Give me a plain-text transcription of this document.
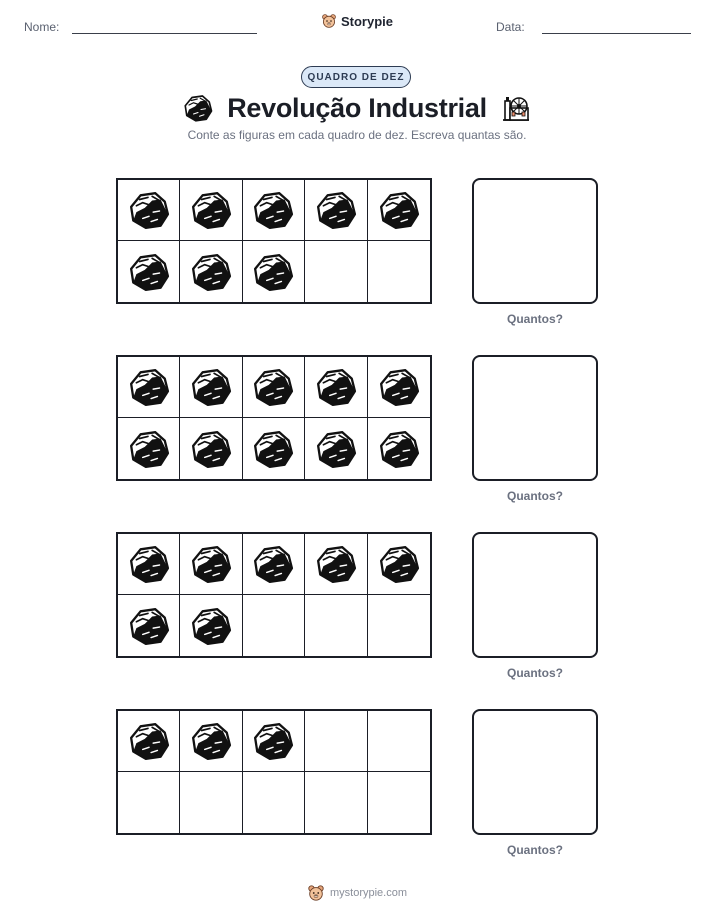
Nome:	Storypie	Data:
QUADRO DE DEZ
Revolução Industrial
Conte as figuras em cada quadro de dez. Escreva quantas são.
Quantos?
Quantos?
Quantos?
Quantos?
mystorypie.com
